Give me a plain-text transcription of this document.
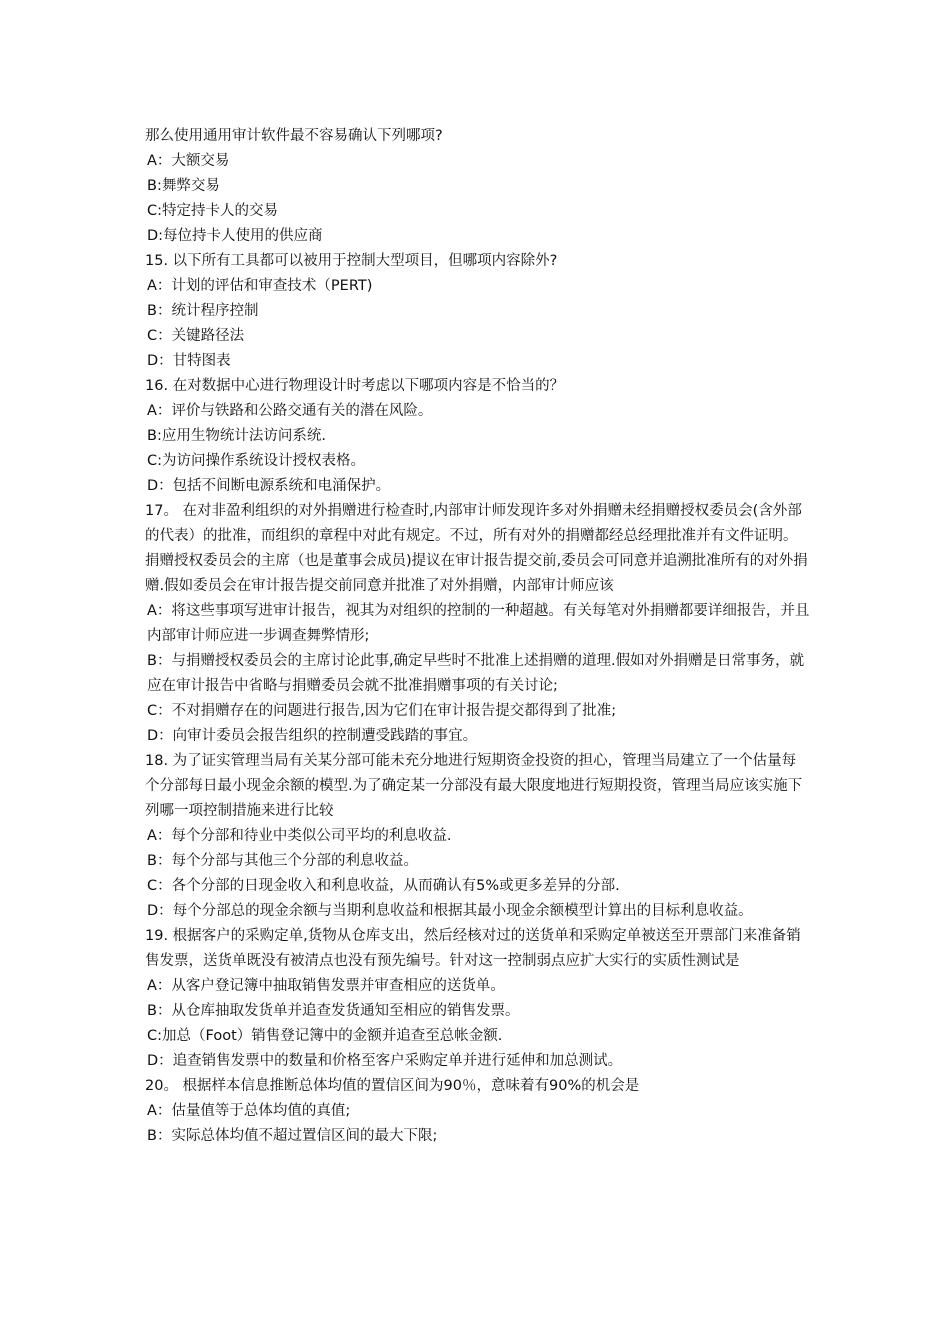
那么使用通用审计软件最不容易确认下列哪项?

A：大额交易

B:舞弊交易

C:特定持卡人的交易

D:每位持卡人使用的供应商

15. 以下所有工具都可以被用于控制大型项目，但哪项内容除外?

A：计划的评估和审查技术（PERT)

B：统计程序控制

C：关键路径法

D：甘特图表

16. 在对数据中心进行物理设计时考虑以下哪项内容是不恰当的？

A：评价与铁路和公路交通有关的潜在风险。

B:应用生物统计法访问系统.

C:为访问操作系统设计授权表格。

D：包括不间断电源系统和电涌保护。

17。 在对非盈利组织的对外捐赠进行检查时,内部审计师发现许多对外捐赠未经捐赠授权委员会(含外部的代表）的批准，而组织的章程中对此有规定。不过，所有对外的捐赠都经总经理批准并有文件证明。捐赠授权委员会的主席（也是董事会成员)提议在审计报告提交前,委员会可同意并追溯批准所有的对外捐赠.假如委员会在审计报告提交前同意并批准了对外捐赠，内部审计师应该

A：将这些事项写进审计报告，视其为对组织的控制的一种超越。有关每笔对外捐赠都要详细报告，并且内部审计师应进一步调查舞弊情形;

B：与捐赠授权委员会的主席讨论此事,确定早些时不批准上述捐赠的道理.假如对外捐赠是日常事务，就应在审计报告中省略与捐赠委员会就不批准捐赠事项的有关讨论;

C：不对捐赠存在的问题进行报告,因为它们在审计报告提交都得到了批准;

D：向审计委员会报告组织的控制遭受践踏的事宜。

18. 为了证实管理当局有关某分部可能未充分地进行短期资金投资的担心，管理当局建立了一个估量每个分部每日最小现金余额的模型.为了确定某一分部没有最大限度地进行短期投资，管理当局应该实施下列哪一项控制措施来进行比较

A：每个分部和待业中类似公司平均的利息收益.

B：每个分部与其他三个分部的利息收益。

C：各个分部的日现金收入和利息收益，从而确认有5%或更多差异的分部.

D：每个分部总的现金余额与当期利息收益和根据其最小现金余额模型计算出的目标利息收益。

19. 根据客户的采购定单,货物从仓库支出，然后经核对过的送货单和采购定单被送至开票部门来准备销售发票，送货单既没有被清点也没有预先编号。针对这一控制弱点应扩大实行的实质性测试是

A：从客户登记簿中抽取销售发票并审查相应的送货单。

B：从仓库抽取发货单并追查发货通知至相应的销售发票。

C:加总（Foot）销售登记簿中的金额并追查至总帐金额.

D：追查销售发票中的数量和价格至客户采购定单并进行延伸和加总测试。

20。 根据样本信息推断总体均值的置信区间为90％，意味着有90%的机会是

A：估量值等于总体均值的真值;

B：实际总体均值不超过置信区间的最大下限;
